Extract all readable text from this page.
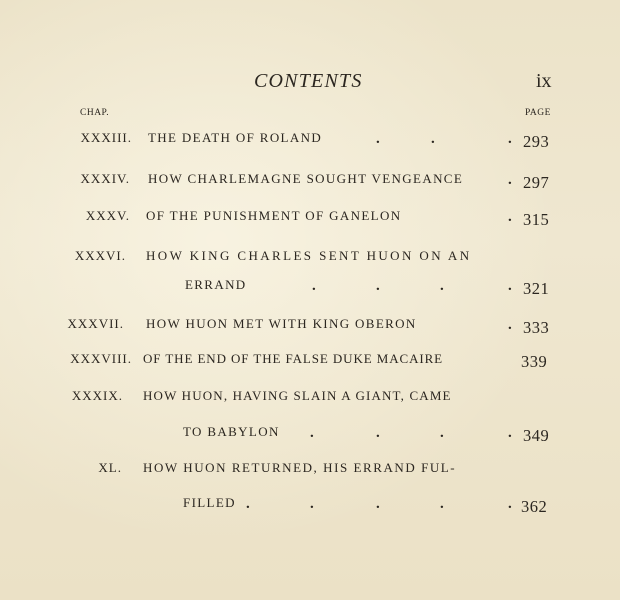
CONTENTS	ix
CHAP.	PAGE
XXXIII. THE DEATH OF ROLAND	.	.	. 293
XXXIV. HOW CHARLEMAGNE SOUGHT VENGEANCE	. 297
XXXV. OF THE PUNISHMENT OF GANELON	. 315
XXXVI. HOW KING CHARLES SENT HUON ON AN
ERRAND	.	.	.	. 321
XXXVII. HOW HUON MET WITH KING OBERON	. 333
XXXVIII. OF THE END OF THE FALSE DUKE MACAIRE	339
XXXIX. HOW HUON, HAVING SLAIN A GIANT, CAME
TO BABYLON .	.	.	. 349
XL. HOW HUON RETURNED, HIS ERRAND FUL-
FILLED .	.	.	.	. 362
